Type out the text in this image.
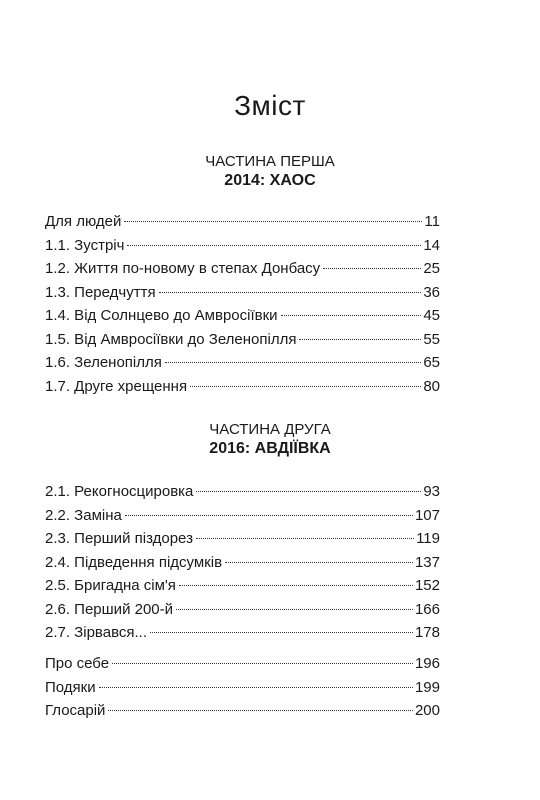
Зміст
ЧАСТИНА ПЕРША
2014: ХАОС
Для людей	11
1.1. Зустріч	14
1.2. Життя по-новому в степах Донбасу	25
1.3. Передчуття	36
1.4. Від Солнцево до Амвросіївки	45
1.5. Від Амвросіївки до Зеленопілля	55
1.6. Зеленопілля	65
1.7. Друге хрещення	80
ЧАСТИНА ДРУГА
2016: АВДІЇВКА
2.1. Рекогносцировка	93
2.2. Заміна	107
2.3. Перший піздорез	119
2.4. Підведення підсумків	137
2.5. Бригадна сім'я	152
2.6. Перший 200-й	166
2.7. Зірвався...	178
Про себе	196
Подяки	199
Глосарій	200
